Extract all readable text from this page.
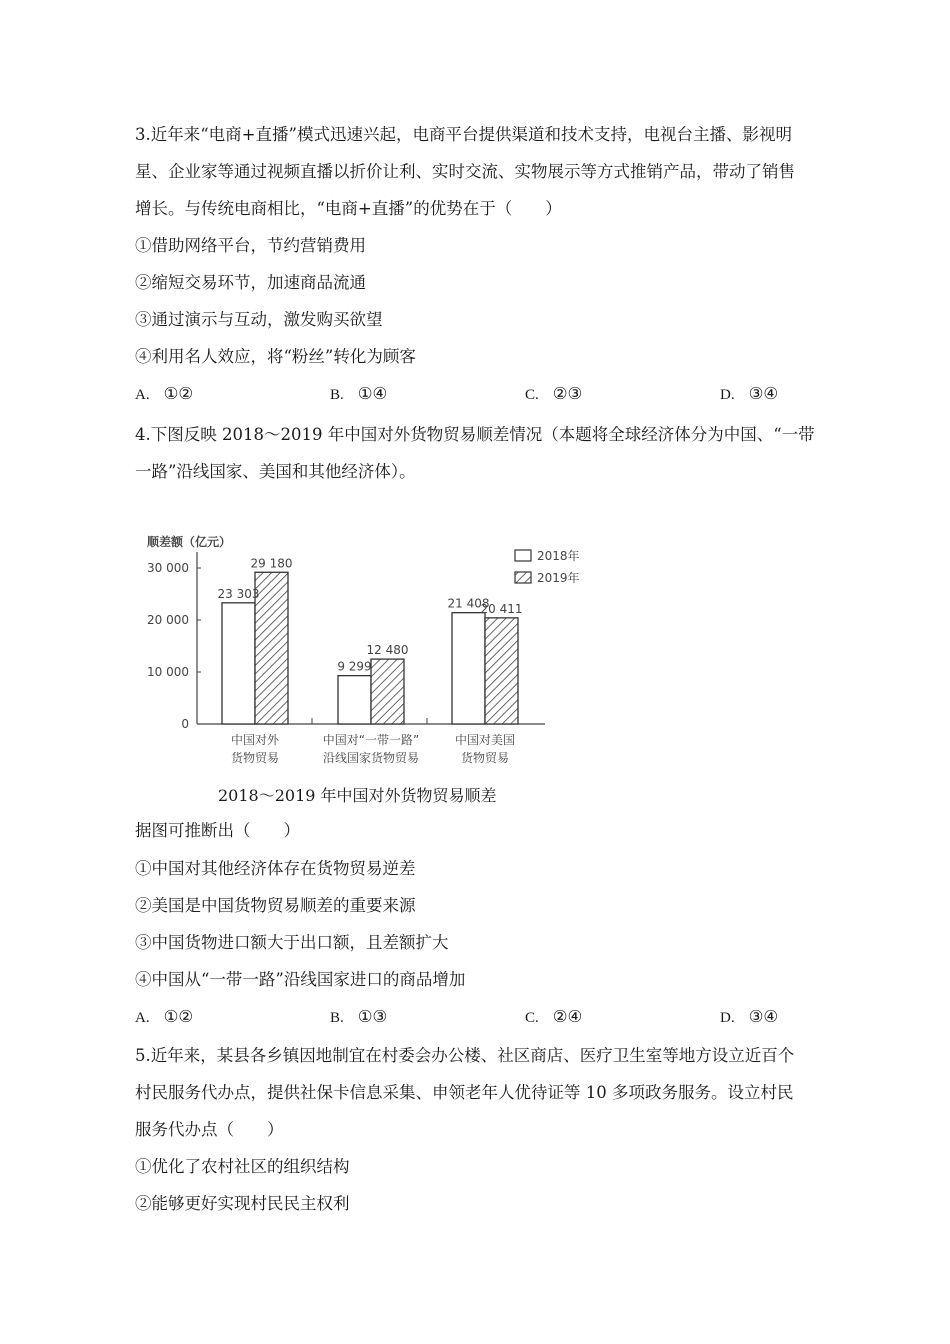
3.近年来“电商+直播”模式迅速兴起，电商平台提供渠道和技术支持，电视台主播、影视明
星、企业家等通过视频直播以折价让利、实时交流、实物展示等方式推销产品，带动了销售
增长。与传统电商相比，“电商+直播”的优势在于（　　）
①借助网络平台，节约营销费用
②缩短交易环节，加速商品流通
③通过演示与互动，激发购买欲望
④利用名人效应，将“粉丝”转化为顾客
A. ①②	B. ①④	C. ②③	D. ③④
4.下图反映 2018～2019 年中国对外货物贸易顺差情况（本题将全球经济体分为中国、“一带
一路”沿线国家、美国和其他经济体）。
顺差额（亿元）
0
10 000
20 000
30 000
23 303
29 180
中国对外
货物贸易
9 299
12 480
中国对“一带一路”
沿线国家货物贸易
21 408
20 411
中国对美国
货物贸易
2018年
2019年
2018～2019 年中国对外货物贸易顺差
据图可推断出（　　）
①中国对其他经济体存在货物贸易逆差
②美国是中国货物贸易顺差的重要来源
③中国货物进口额大于出口额，且差额扩大
④中国从“一带一路”沿线国家进口的商品增加
A. ①②	B. ①③	C. ②④	D. ③④
5.近年来，某县各乡镇因地制宜在村委会办公楼、社区商店、医疗卫生室等地方设立近百个
村民服务代办点，提供社保卡信息采集、申领老年人优待证等 10 多项政务服务。设立村民
服务代办点（　　）
①优化了农村社区的组织结构
②能够更好实现村民民主权利
